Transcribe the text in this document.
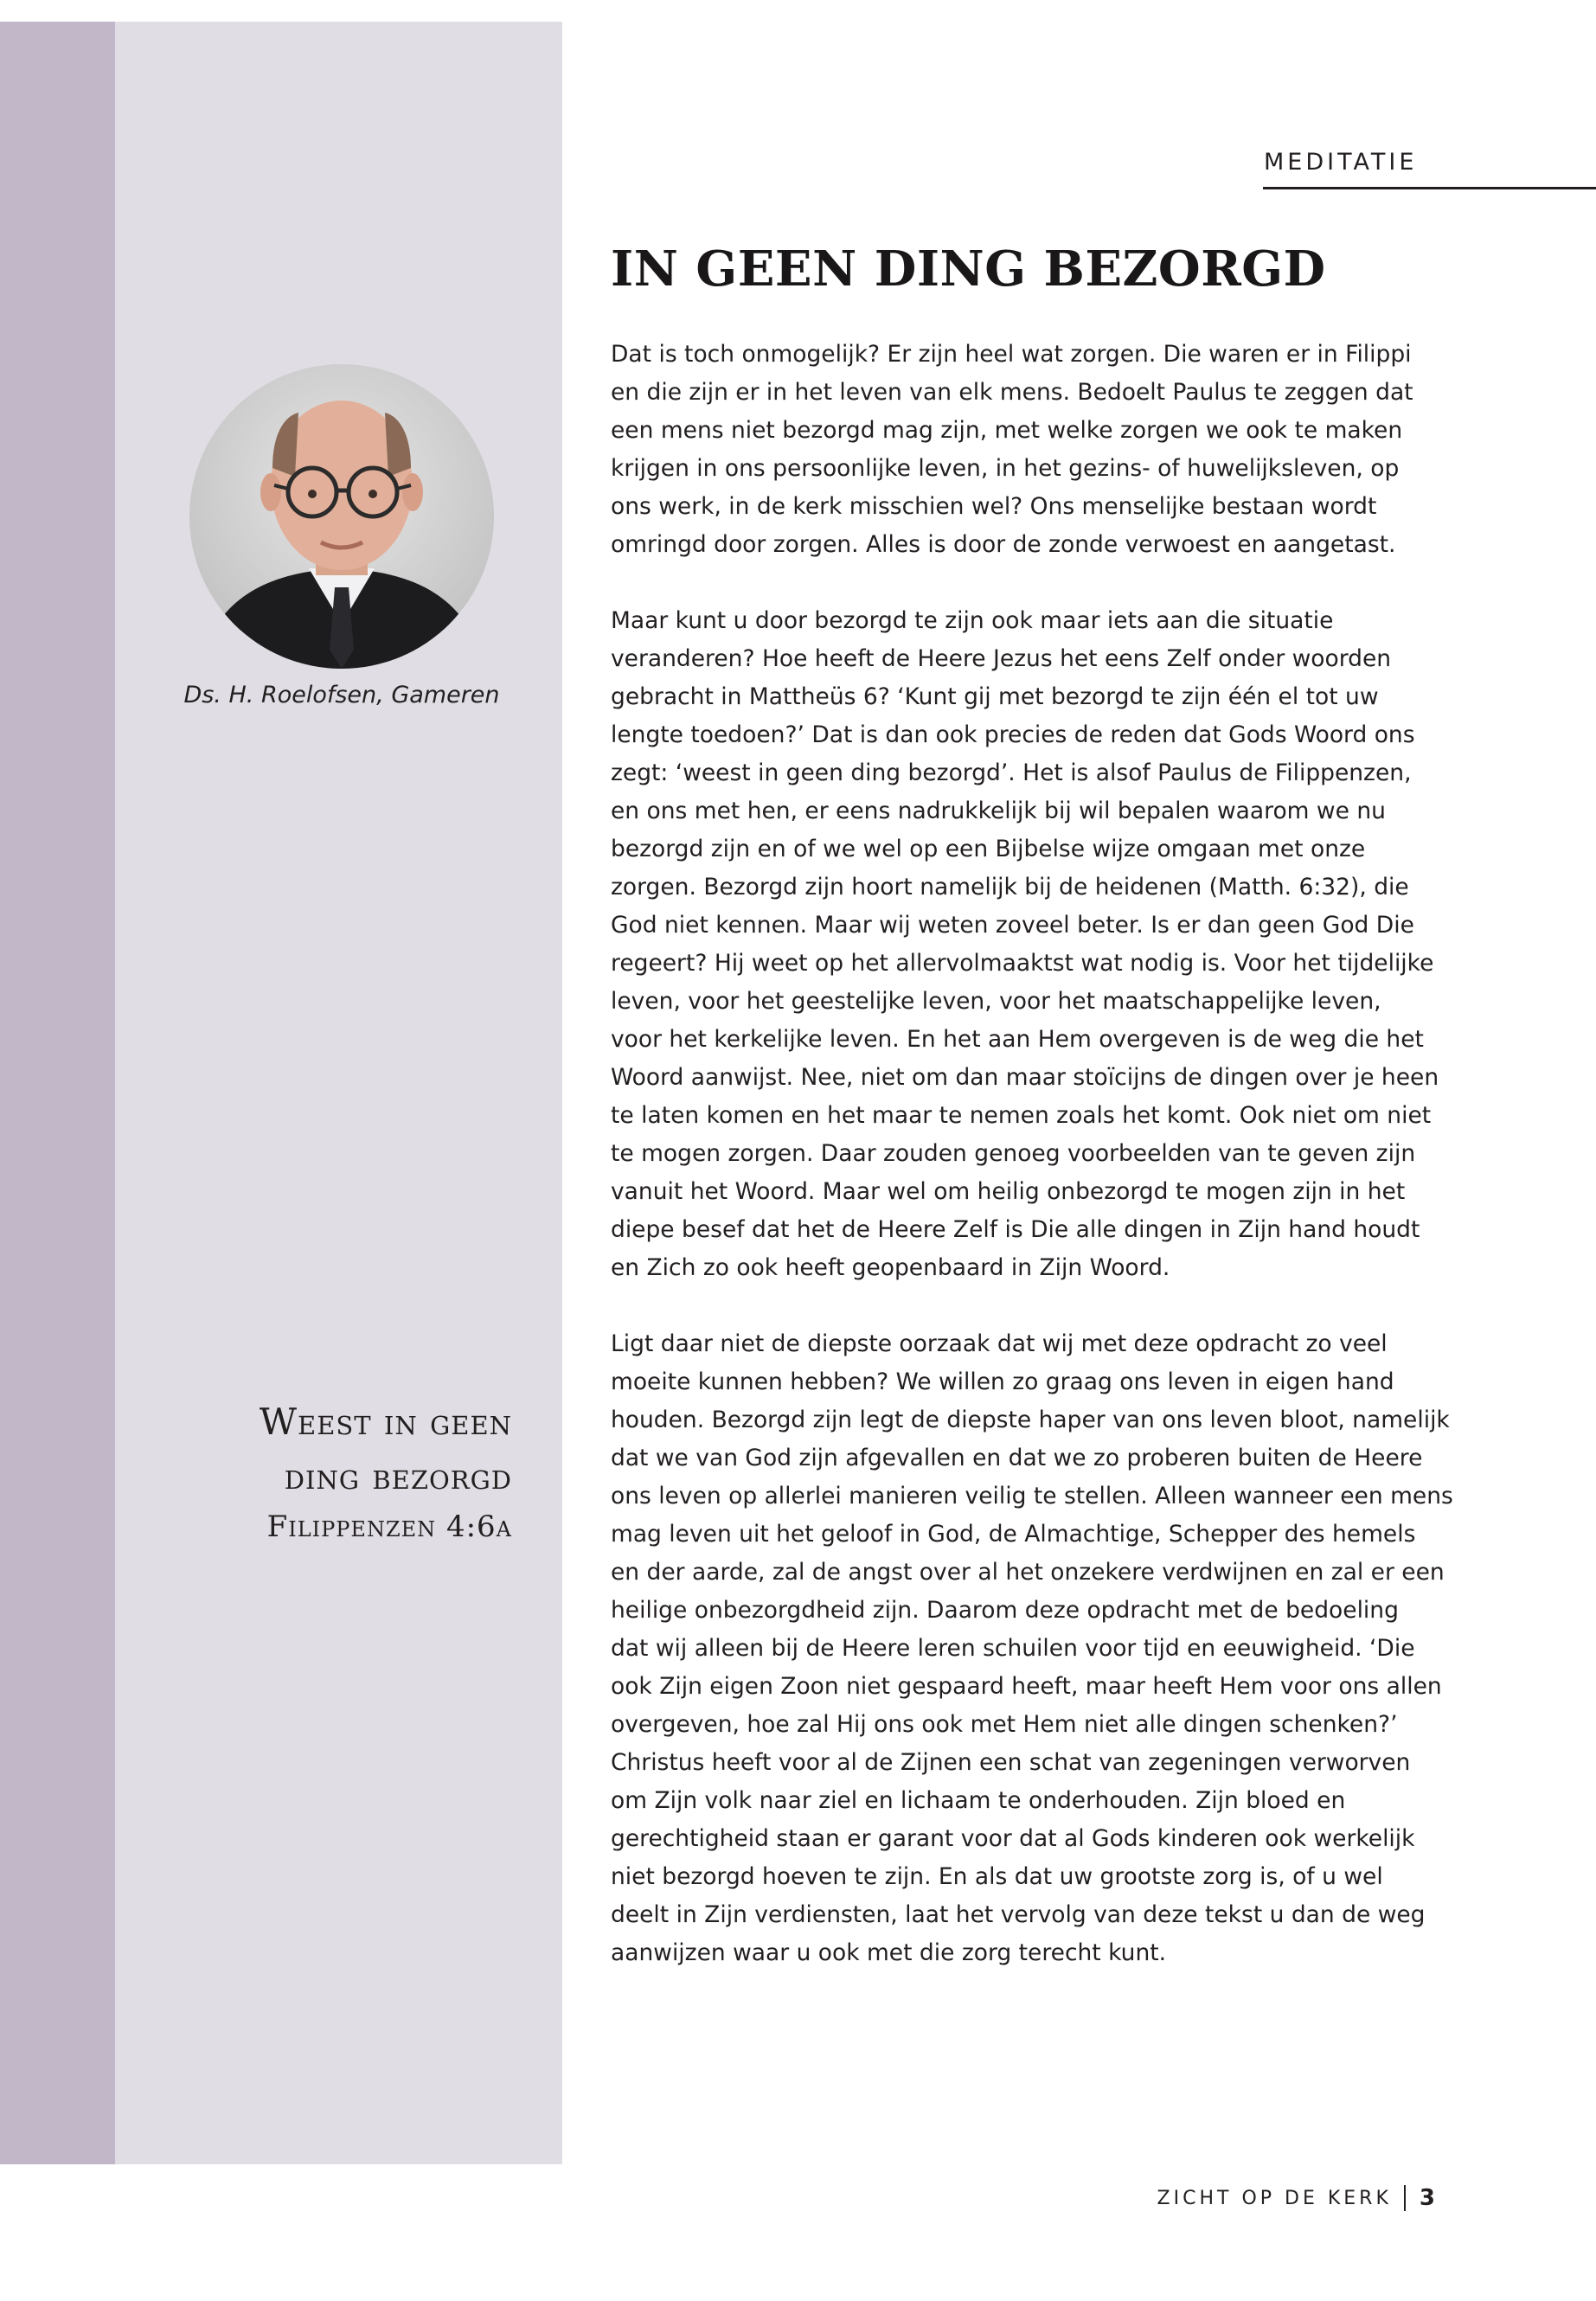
MEDITATIE
IN GEEN DING BEZORGD
Ds. H. Roelofsen, Gameren
Weest in geen
ding bezorgd
Filippenzen 4:6a

Dat is toch onmogelijk? Er zijn heel wat zorgen. Die waren er in Filippi
en die zijn er in het leven van elk mens. Bedoelt Paulus te zeggen dat
een mens niet bezorgd mag zijn, met welke zorgen we ook te maken
krijgen in ons persoonlijke leven, in het gezins- of huwelijksleven, op
ons werk, in de kerk misschien wel? Ons menselijke bestaan wordt
omringd door zorgen. Alles is door de zonde verwoest en aangetast.

Maar kunt u door bezorgd te zijn ook maar iets aan die situatie
veranderen? Hoe heeft de Heere Jezus het eens Zelf onder woorden
gebracht in Mattheüs 6? ‘Kunt gij met bezorgd te zijn één el tot uw
lengte toedoen?’ Dat is dan ook precies de reden dat Gods Woord ons
zegt: ‘weest in geen ding bezorgd’. Het is alsof Paulus de Filippenzen,
en ons met hen, er eens nadrukkelijk bij wil bepalen waarom we nu
bezorgd zijn en of we wel op een Bijbelse wijze omgaan met onze
zorgen. Bezorgd zijn hoort namelijk bij de heidenen (Matth. 6:32), die
God niet kennen. Maar wij weten zoveel beter. Is er dan geen God Die
regeert? Hij weet op het allervolmaaktst wat nodig is. Voor het tijdelijke
leven, voor het geestelijke leven, voor het maatschappelijke leven,
voor het kerkelijke leven. En het aan Hem overgeven is de weg die het
Woord aanwijst. Nee, niet om dan maar stoïcijns de dingen over je heen
te laten komen en het maar te nemen zoals het komt. Ook niet om niet
te mogen zorgen. Daar zouden genoeg voorbeelden van te geven zijn
vanuit het Woord. Maar wel om heilig onbezorgd te mogen zijn in het
diepe besef dat het de Heere Zelf is Die alle dingen in Zijn hand houdt
en Zich zo ook heeft geopenbaard in Zijn Woord.

Ligt daar niet de diepste oorzaak dat wij met deze opdracht zo veel
moeite kunnen hebben? We willen zo graag ons leven in eigen hand
houden. Bezorgd zijn legt de diepste haper van ons leven bloot, namelijk
dat we van God zijn afgevallen en dat we zo proberen buiten de Heere
ons leven op allerlei manieren veilig te stellen. Alleen wanneer een mens
mag leven uit het geloof in God, de Almachtige, Schepper des hemels
en der aarde, zal de angst over al het onzekere verdwijnen en zal er een
heilige onbezorgdheid zijn. Daarom deze opdracht met de bedoeling
dat wij alleen bij de Heere leren schuilen voor tijd en eeuwigheid. ‘Die
ook Zijn eigen Zoon niet gespaard heeft, maar heeft Hem voor ons allen
overgeven, hoe zal Hij ons ook met Hem niet alle dingen schenken?’
Christus heeft voor al de Zijnen een schat van zegeningen verworven
om Zijn volk naar ziel en lichaam te onderhouden. Zijn bloed en
gerechtigheid staan er garant voor dat al Gods kinderen ook werkelijk
niet bezorgd hoeven te zijn. En als dat uw grootste zorg is, of u wel
deelt in Zijn verdiensten, laat het vervolg van deze tekst u dan de weg
aanwijzen waar u ook met die zorg terecht kunt.

ZICHT OP DE KERK 3
